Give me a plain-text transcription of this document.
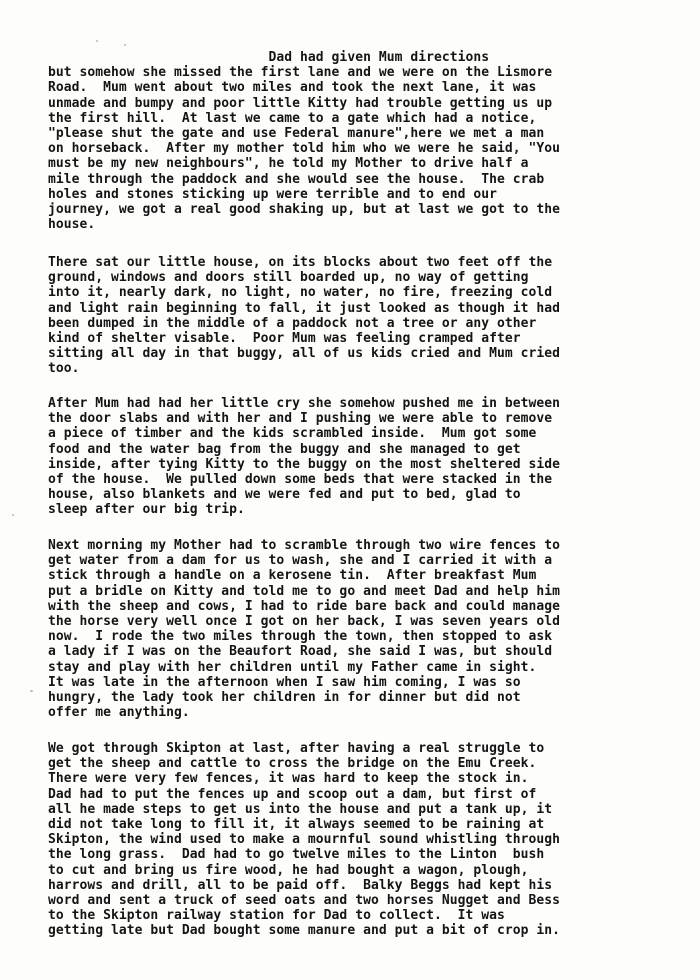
Dad had given Mum directions
but somehow she missed the first lane and we were on the Lismore
Road.  Mum went about two miles and took the next lane, it was
unmade and bumpy and poor little Kitty had trouble getting us up
the first hill.  At last we came to a gate which had a notice,
"please shut the gate and use Federal manure",here we met a man
on horseback.  After my mother told him who we were he said, "You
must be my new neighbours", he told my Mother to drive half a
mile through the paddock and she would see the house.  The crab
holes and stones sticking up were terrible and to end our
journey, we got a real good shaking up, but at last we got to the
house.
There sat our little house, on its blocks about two feet off the
ground, windows and doors still boarded up, no way of getting
into it, nearly dark, no light, no water, no fire, freezing cold
and light rain beginning to fall, it just looked as though it had
been dumped in the middle of a paddock not a tree or any other
kind of shelter visable.  Poor Mum was feeling cramped after
sitting all day in that buggy, all of us kids cried and Mum cried
too.
After Mum had had her little cry she somehow pushed me in between
the door slabs and with her and I pushing we were able to remove
a piece of timber and the kids scrambled inside.  Mum got some
food and the water bag from the buggy and she managed to get
inside, after tying Kitty to the buggy on the most sheltered side
of the house.  We pulled down some beds that were stacked in the
house, also blankets and we were fed and put to bed, glad to
sleep after our big trip.
Next morning my Mother had to scramble through two wire fences to
get water from a dam for us to wash, she and I carried it with a
stick through a handle on a kerosene tin.  After breakfast Mum
put a bridle on Kitty and told me to go and meet Dad and help him
with the sheep and cows, I had to ride bare back and could manage
the horse very well once I got on her back, I was seven years old
now.  I rode the two miles through the town, then stopped to ask
a lady if I was on the Beaufort Road, she said I was, but should
stay and play with her children until my Father came in sight.
It was late in the afternoon when I saw him coming, I was so
hungry, the lady took her children in for dinner but did not
offer me anything.
We got through Skipton at last, after having a real struggle to
get the sheep and cattle to cross the bridge on the Emu Creek.
There were very few fences, it was hard to keep the stock in.
Dad had to put the fences up and scoop out a dam, but first of
all he made steps to get us into the house and put a tank up, it
did not take long to fill it, it always seemed to be raining at
Skipton, the wind used to make a mournful sound whistling through
the long grass.  Dad had to go twelve miles to the Linton  bush
to cut and bring us fire wood, he had bought a wagon, plough,
harrows and drill, all to be paid off.  Balky Beggs had kept his
word and sent a truck of seed oats and two horses Nugget and Bess
to the Skipton railway station for Dad to collect.  It was
getting late but Dad bought some manure and put a bit of crop in.
